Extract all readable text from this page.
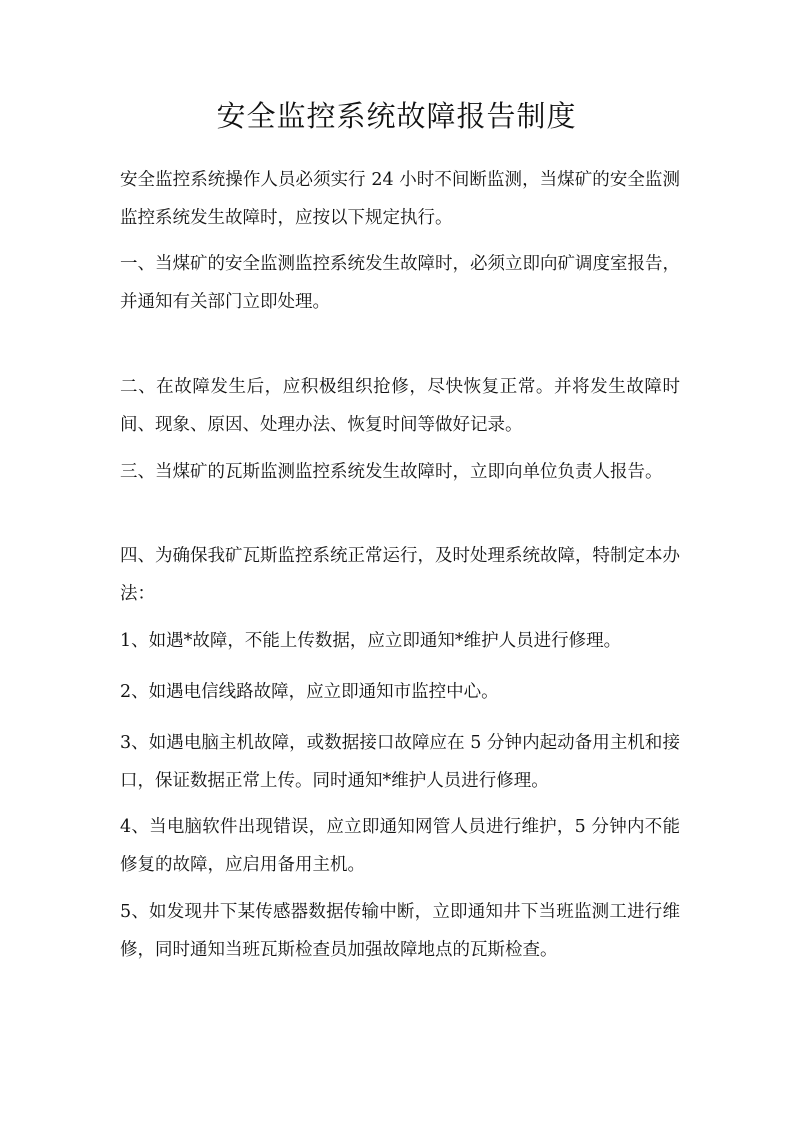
安全监控系统故障报告制度

安全监控系统操作人员必须实行 24 小时不间断监测，当煤矿的安全监测监控系统发生故障时，应按以下规定执行。

一、当煤矿的安全监测监控系统发生故障时，必须立即向矿调度室报告，并通知有关部门立即处理。

二、在故障发生后，应积极组织抢修，尽快恢复正常。并将发生故障时间、现象、原因、处理办法、恢复时间等做好记录。

三、当煤矿的瓦斯监测监控系统发生故障时，立即向单位负责人报告。

四、为确保我矿瓦斯监控系统正常运行，及时处理系统故障，特制定本办法：

1、如遇*故障，不能上传数据，应立即通知*维护人员进行修理。

2、如遇电信线路故障，应立即通知市监控中心。

3、如遇电脑主机故障，或数据接口故障应在 5 分钟内起动备用主机和接口，保证数据正常上传。同时通知*维护人员进行修理。

4、当电脑软件出现错误，应立即通知网管人员进行维护，5 分钟内不能修复的故障，应启用备用主机。

5、如发现井下某传感器数据传输中断，立即通知井下当班监测工进行维修，同时通知当班瓦斯检查员加强故障地点的瓦斯检查。
